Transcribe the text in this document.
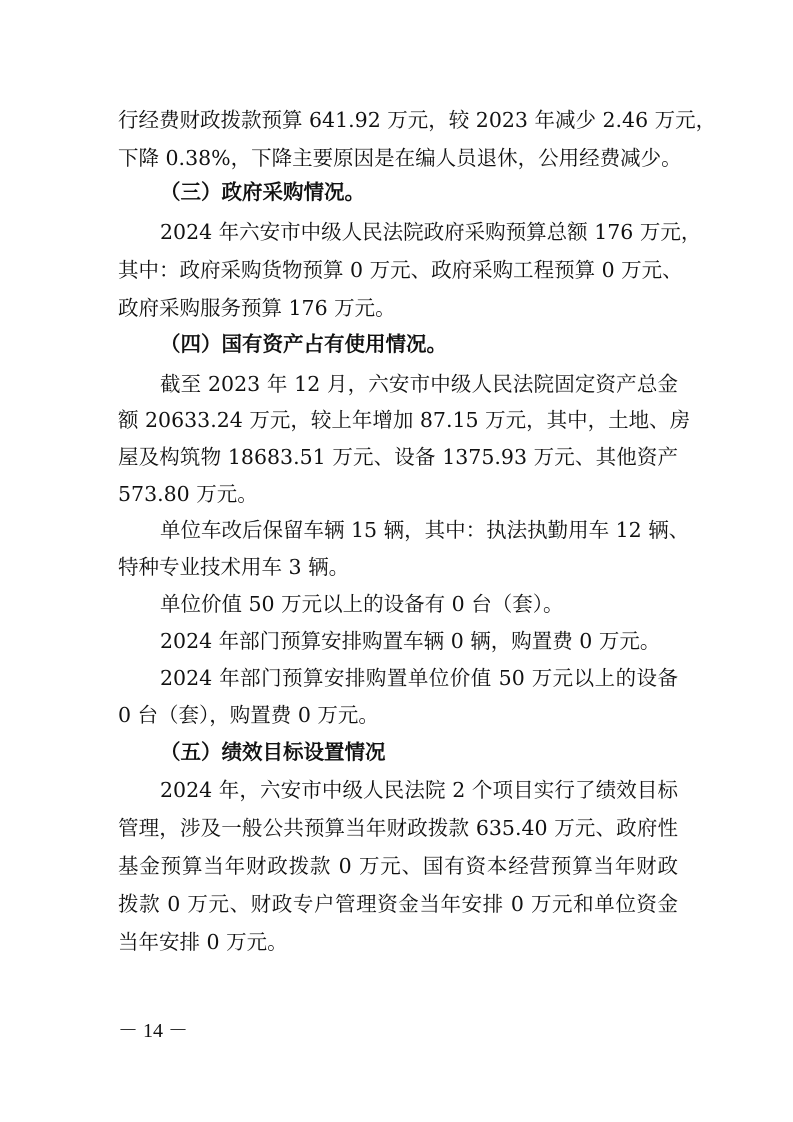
行经费财政拨款预算 641.92 万元，较 2023 年减少 2.46 万元，
下降 0.38%，下降主要原因是在编人员退休，公用经费减少。
（三）政府采购情况。
2024 年六安市中级人民法院政府采购预算总额 176 万元，
其中：政府采购货物预算 0 万元、政府采购工程预算 0 万元、
政府采购服务预算 176 万元。
（四）国有资产占有使用情况。
截至 2023 年 12 月，六安市中级人民法院固定资产总金
额 20633.24 万元，较上年增加 87.15 万元，其中，土地、房
屋及构筑物 18683.51 万元、设备 1375.93 万元、其他资产
573.80 万元。
单位车改后保留车辆 15 辆，其中：执法执勤用车 12 辆、
特种专业技术用车 3 辆。
单位价值 50 万元以上的设备有 0 台（套）。
2024 年部门预算安排购置车辆 0 辆，购置费 0 万元。
2024 年部门预算安排购置单位价值 50 万元以上的设备
0 台（套），购置费 0 万元。
（五）绩效目标设置情况
2024 年，六安市中级人民法院 2 个项目实行了绩效目标
管理，涉及一般公共预算当年财政拨款 635.40 万元、政府性
基金预算当年财政拨款 0 万元、国有资本经营预算当年财政
拨款 0 万元、财政专户管理资金当年安排 0 万元和单位资金
当年安排 0 万元。
－ 14 －
